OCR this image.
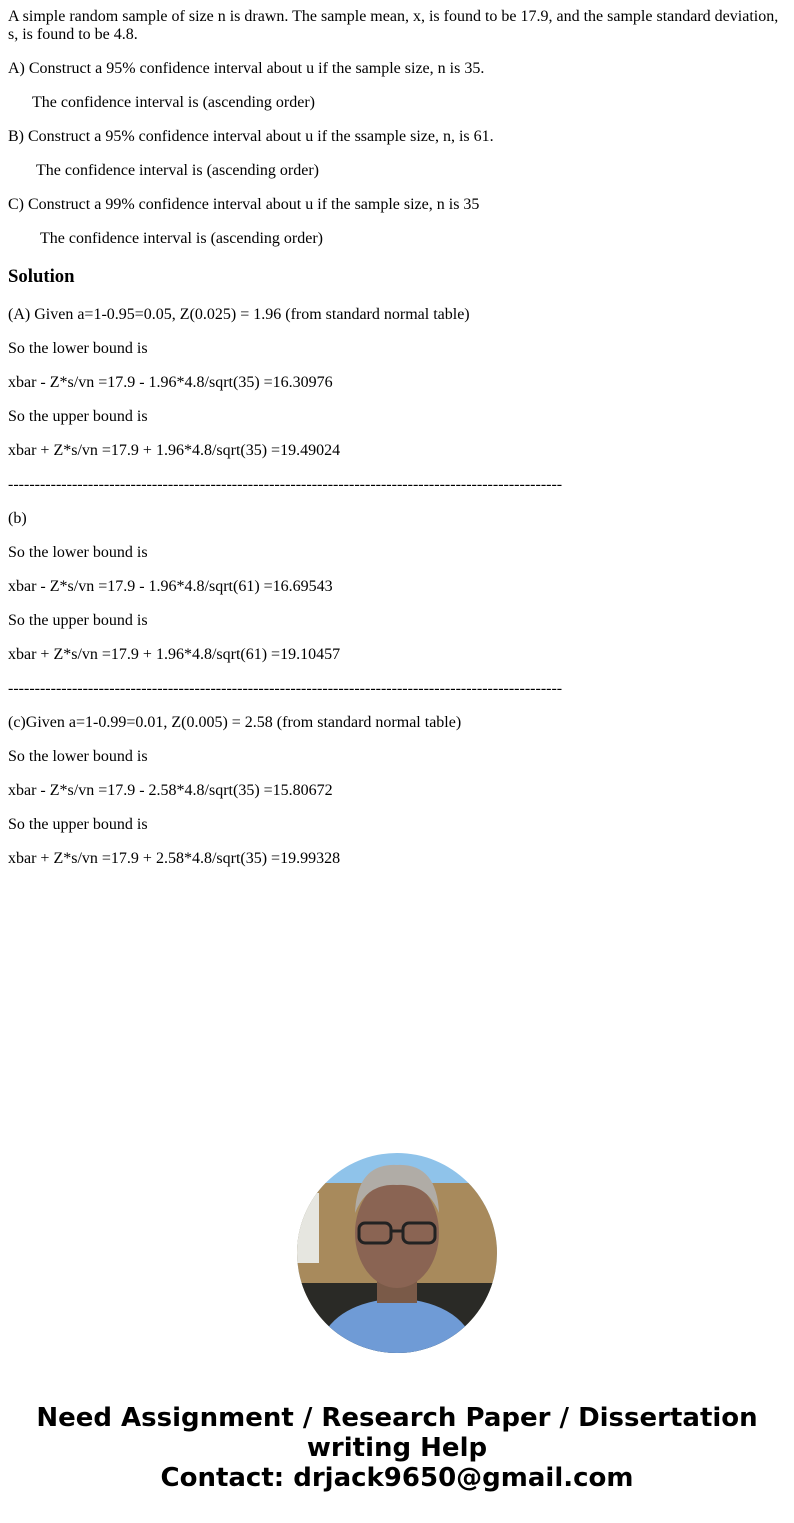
A simple random sample of size n is drawn. The sample mean, x, is found to be 17.9, and the sample standard deviation, s, is found to be 4.8.

A) Construct a 95% confidence interval about u if the sample size, n is 35.

The confidence interval is (ascending order)

B) Construct a 95% confidence interval about u if the ssample size, n, is 61.

The confidence interval is (ascending order)

C) Construct a 99% confidence interval about u if the sample size, n is 35

The confidence interval is (ascending order)

Solution

(A) Given a=1-0.95=0.05, Z(0.025) = 1.96 (from standard normal table)

So the lower bound is

xbar - Z*s/vn =17.9 - 1.96*4.8/sqrt(35) =16.30976

So the upper bound is

xbar + Z*s/vn =17.9 + 1.96*4.8/sqrt(35) =19.49024

--------------------------------------------------------------------------------------------------------

(b)

So the lower bound is

xbar - Z*s/vn =17.9 - 1.96*4.8/sqrt(61) =16.69543

So the upper bound is

xbar + Z*s/vn =17.9 + 1.96*4.8/sqrt(61) =19.10457

--------------------------------------------------------------------------------------------------------

(c)Given a=1-0.99=0.01, Z(0.005) = 2.58 (from standard normal table)

So the lower bound is

xbar - Z*s/vn =17.9 - 2.58*4.8/sqrt(35) =15.80672

So the upper bound is

xbar + Z*s/vn =17.9 + 2.58*4.8/sqrt(35) =19.99328

Need Assignment / Research Paper / Dissertation
writing Help
Contact: drjack9650@gmail.com
